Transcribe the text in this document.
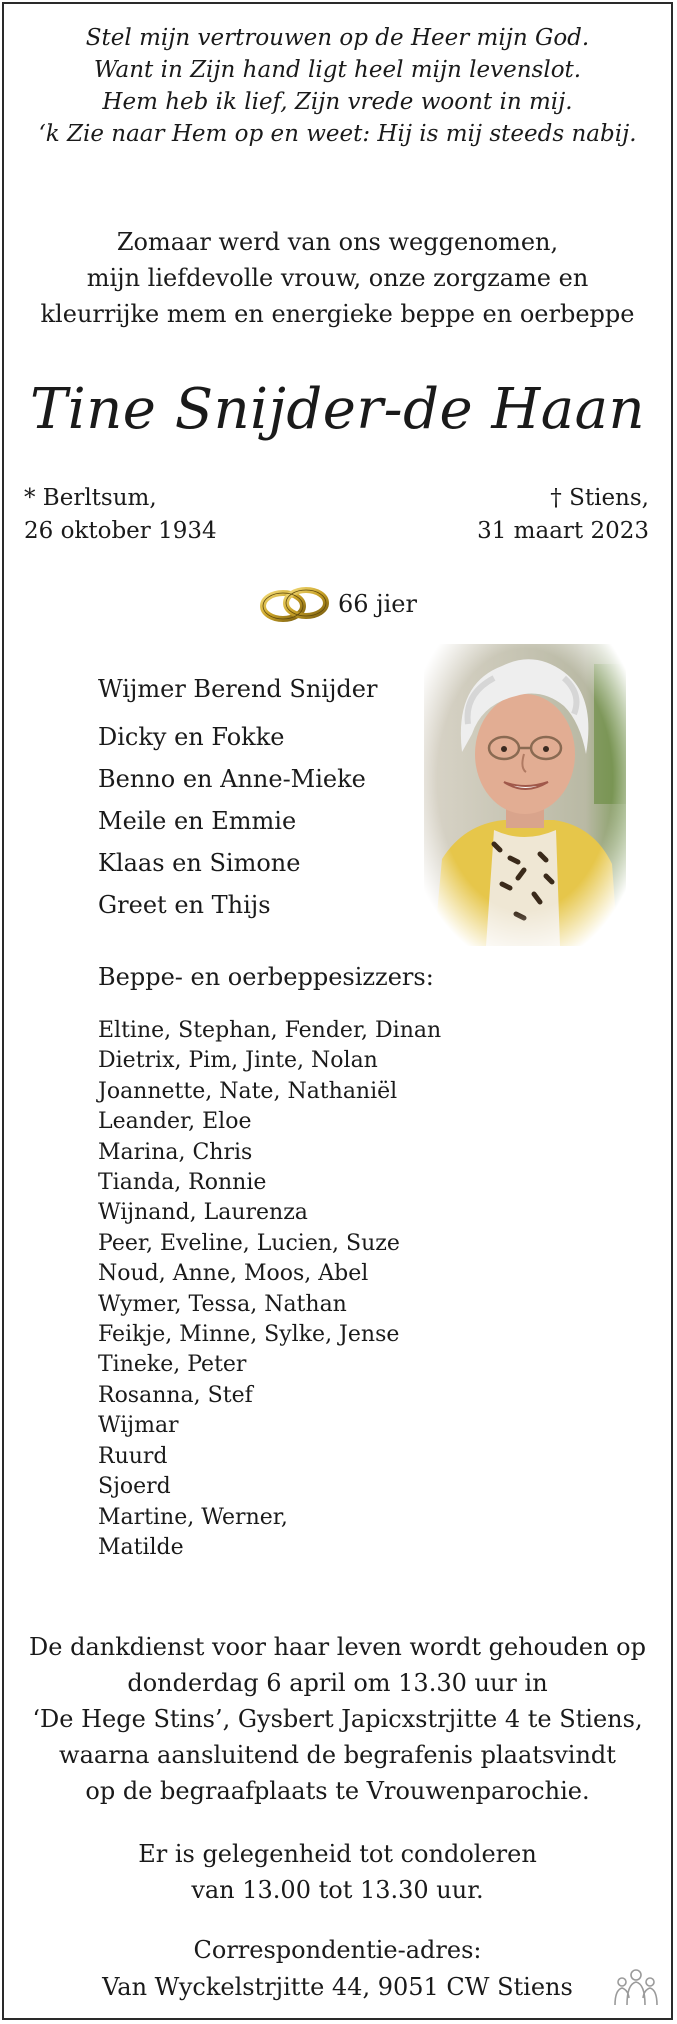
Stel mijn vertrouwen op de Heer mijn God.
Want in Zijn hand ligt heel mijn levenslot.
Hem heb ik lief, Zijn vrede woont in mij.
‘k Zie naar Hem op en weet: Hij is mij steeds nabij.
Zomaar werd van ons weggenomen,
mijn liefdevolle vrouw, onze zorgzame en
kleurrijke mem en energieke beppe en oerbeppe
Tine Snijder-de Haan
* Berltsum,
26 oktober 1934
† Stiens,
31 maart 2023
66 jier
Wijmer Berend Snijder
Dicky en Fokke
Benno en Anne-Mieke
Meile en Emmie
Klaas en Simone
Greet en Thijs
Beppe- en oerbeppesizzers:
Eltine, Stephan, Fender, Dinan
Dietrix, Pim, Jinte, Nolan
Joannette, Nate, Nathaniël
Leander, Eloe
Marina, Chris
Tianda, Ronnie
Wijnand, Laurenza
Peer, Eveline, Lucien, Suze
Noud, Anne, Moos, Abel
Wymer, Tessa, Nathan
Feikje, Minne, Sylke, Jense
Tineke, Peter
Rosanna, Stef
Wijmar
Ruurd
Sjoerd
Martine, Werner,
Matilde
De dankdienst voor haar leven wordt gehouden op
donderdag 6 april om 13.30 uur in
‘De Hege Stins’, Gysbert Japicxstrjitte 4 te Stiens,
waarna aansluitend de begrafenis plaatsvindt
op de begraafplaats te Vrouwenparochie.
Er is gelegenheid tot condoleren
van 13.00 tot 13.30 uur.
Correspondentie-adres:
Van Wyckelstrjitte 44, 9051 CW Stiens
